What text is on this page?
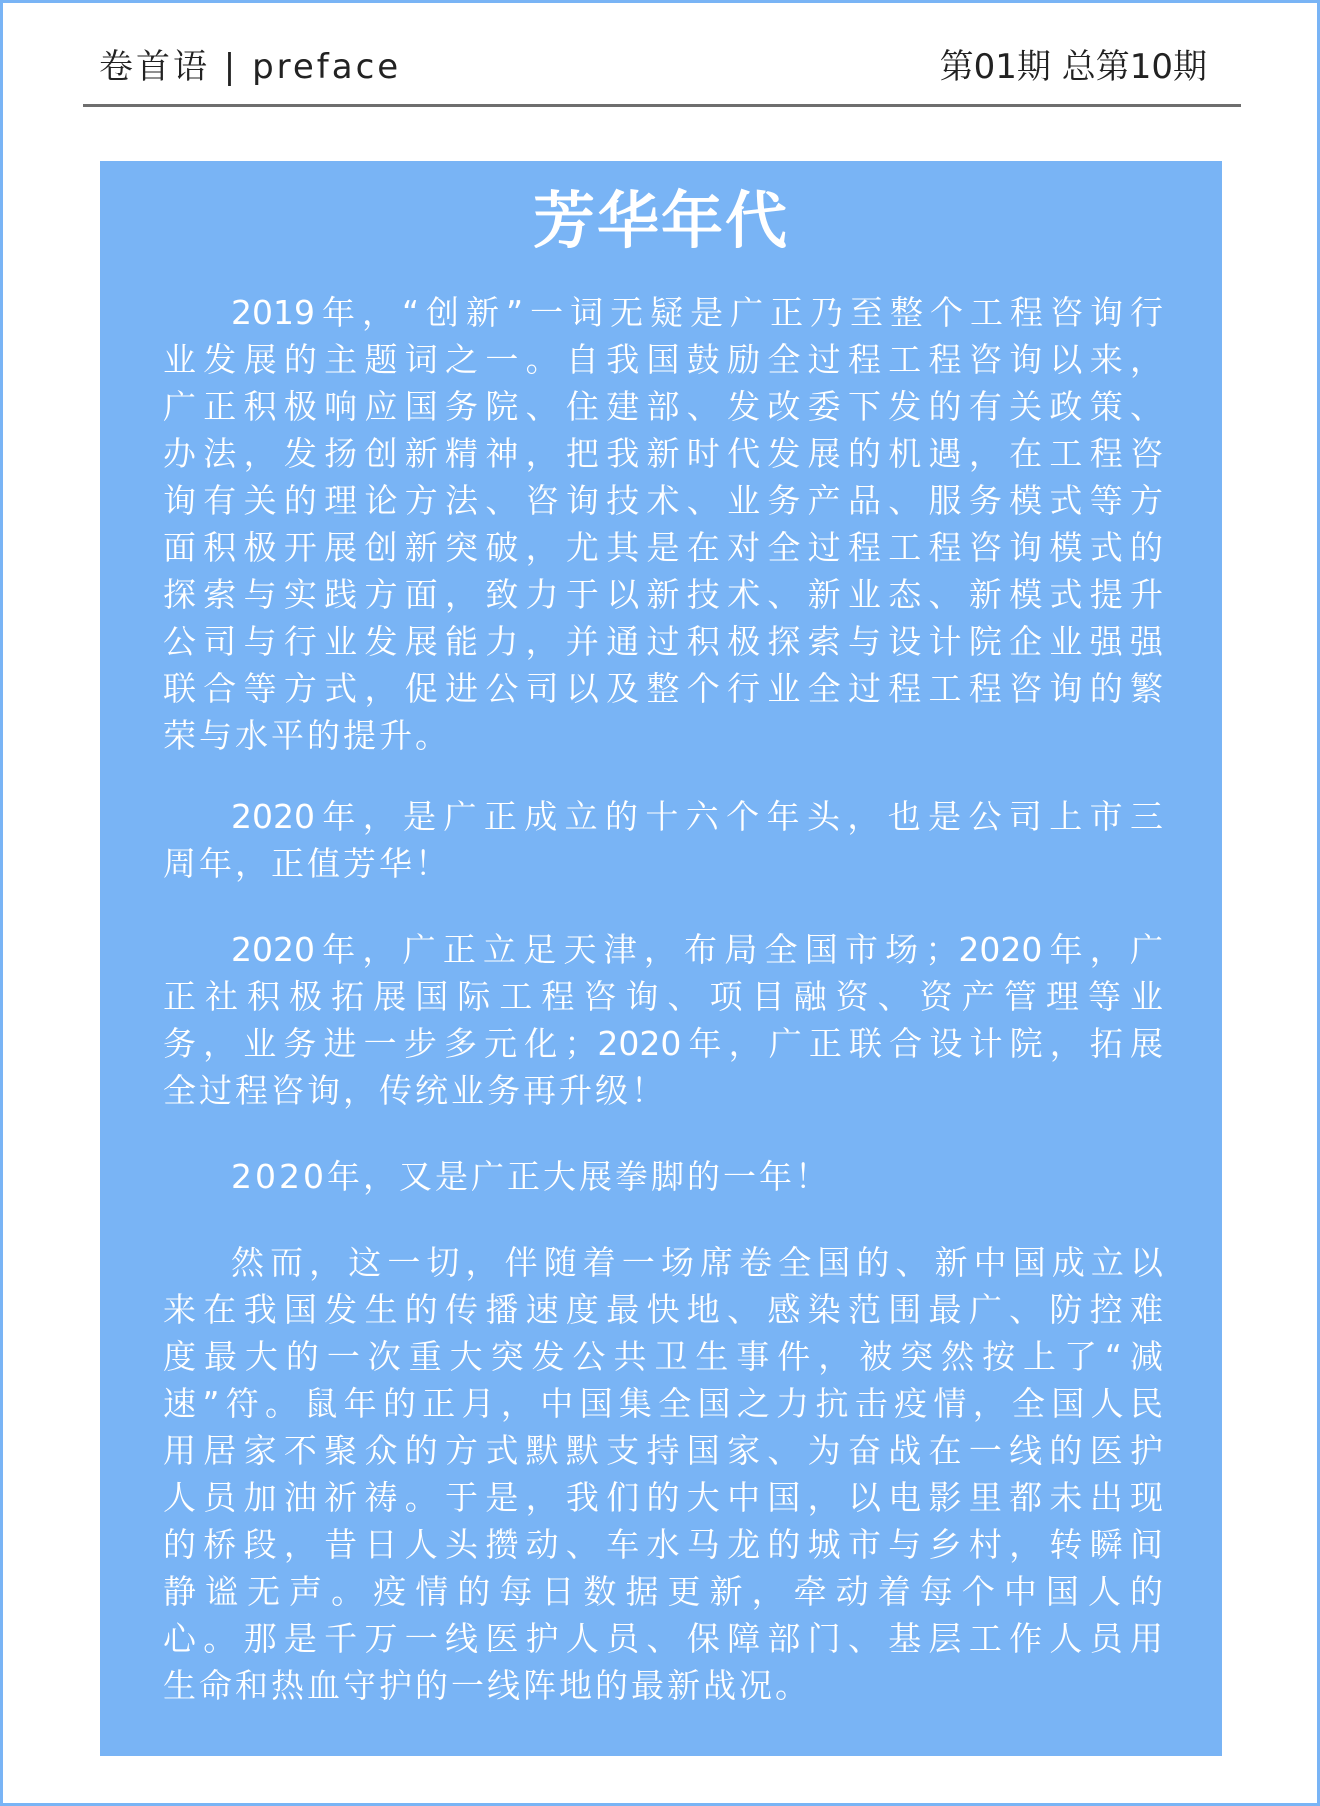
卷首语 | preface	第01期 总第10期
芳华年代
2019年，“创新”一词无疑是广正乃至整个工程咨询行
业发展的主题词之一。自我国鼓励全过程工程咨询以来，
广正积极响应国务院、住建部、发改委下发的有关政策、
办法，发扬创新精神，把我新时代发展的机遇，在工程咨
询有关的理论方法、咨询技术、业务产品、服务模式等方
面积极开展创新突破，尤其是在对全过程工程咨询模式的
探索与实践方面，致力于以新技术、新业态、新模式提升
公司与行业发展能力，并通过积极探索与设计院企业强强
联合等方式，促进公司以及整个行业全过程工程咨询的繁
荣与水平的提升。
2020年，是广正成立的十六个年头，也是公司上市三
周年，正值芳华！
2020年，广正立足天津，布局全国市场；2020年，广
正社积极拓展国际工程咨询、项目融资、资产管理等业
务，业务进一步多元化；2020年，广正联合设计院，拓展
全过程咨询，传统业务再升级！
2020年，又是广正大展拳脚的一年！
然而，这一切，伴随着一场席卷全国的、新中国成立以
来在我国发生的传播速度最快地、感染范围最广、防控难
度最大的一次重大突发公共卫生事件，被突然按上了“减
速”符。鼠年的正月，中国集全国之力抗击疫情，全国人民
用居家不聚众的方式默默支持国家、为奋战在一线的医护
人员加油祈祷。于是，我们的大中国，以电影里都未出现
的桥段，昔日人头攒动、车水马龙的城市与乡村，转瞬间
静谧无声。疫情的每日数据更新，牵动着每个中国人的
心。那是千万一线医护人员、保障部门、基层工作人员用
生命和热血守护的一线阵地的最新战况。
